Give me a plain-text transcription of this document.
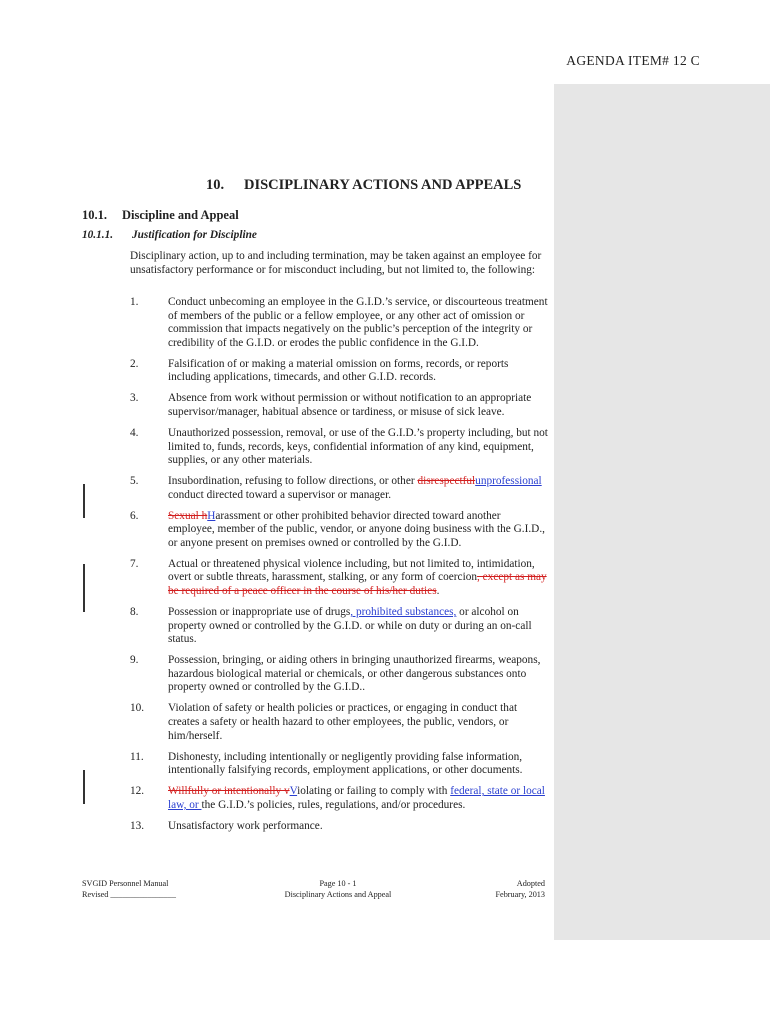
AGENDA ITEM# 12 C
10. DISCIPLINARY ACTIONS AND APPEALS
10.1. Discipline and Appeal
10.1.1. Justification for Discipline
Disciplinary action, up to and including termination, may be taken against an employee for unsatisfactory performance or for misconduct including, but not limited to, the following:
1.	Conduct unbecoming an employee in the G.I.D.’s service, or discourteous treatment of members of the public or a fellow employee, or any other act of omission or commission that impacts negatively on the public’s perception of the integrity or credibility of the G.I.D. or erodes the public confidence in the G.I.D.
2.	Falsification of or making a material omission on forms, records, or reports including applications, timecards, and other G.I.D. records.
3.	Absence from work without permission or without notification to an appropriate supervisor/manager, habitual absence or tardiness, or misuse of sick leave.
4.	Unauthorized possession, removal, or use of the G.I.D.’s property including, but not limited to, funds, records, keys, confidential information of any kind, equipment, supplies, or any other materials.
5.	Insubordination, refusing to follow directions, or other disrespectfulunprofessional conduct directed toward a supervisor or manager.
6.	Sexual hHarassment or other prohibited behavior directed toward another employee, member of the public, vendor, or anyone doing business with the G.I.D., or anyone present on premises owned or controlled by the G.I.D.
7.	Actual or threatened physical violence including, but not limited to, intimidation, overt or subtle threats, harassment, stalking, or any form of coercion, except as may be required of a peace officer in the course of his/her duties.
8.	Possession or inappropriate use of drugs, prohibited substances, or alcohol on property owned or controlled by the G.I.D. or while on duty or during an on-call status.
9.	Possession, bringing, or aiding others in bringing unauthorized firearms, weapons, hazardous biological material or chemicals, or other dangerous substances onto property owned or controlled by the G.I.D..
10.	Violation of safety or health policies or practices, or engaging in conduct that creates a safety or health hazard to other employees, the public, vendors, or him/herself.
11.	Dishonesty, including intentionally or negligently providing false information, intentionally falsifying records, employment applications, or other documents.
12.	Willfully or intentionally vViolating or failing to comply with federal, state or local law, or the G.I.D.’s policies, rules, regulations, and/or procedures.
13.	Unsatisfactory work performance.
SVGID Personnel Manual
Revised ________________
Page 10 - 1
Disciplinary Actions and Appeal
Adopted
February, 2013
